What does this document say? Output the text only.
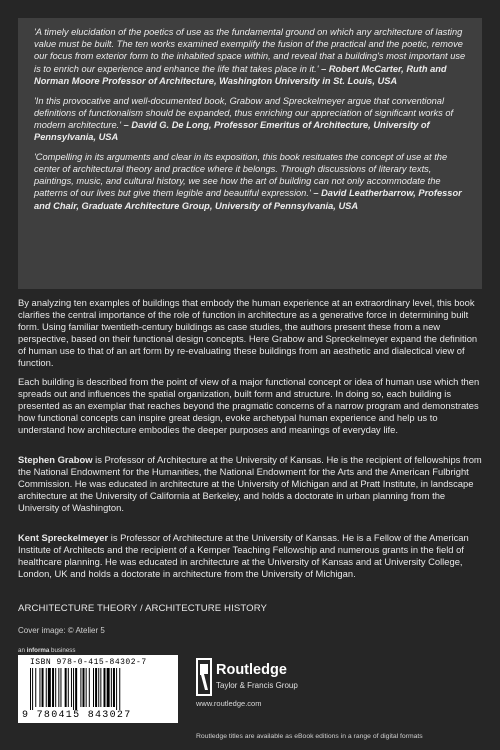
'A timely elucidation of the poetics of use as the fundamental ground on which any architecture of lasting value must be built. The ten works examined exemplify the fusion of the practical and the poetic, remove our focus from exterior form to the inhabited space within, and reveal that a building's most important use is to enrich our experience and enhance the life that takes place in it.' – Robert McCarter, Ruth and Norman Moore Professor of Architecture, Washington University in St. Louis, USA

'In this provocative and well-documented book, Grabow and Spreckelmeyer argue that conventional definitions of functionalism should be expanded, thus enriching our appreciation of significant works of modern architecture.' – David G. De Long, Professor Emeritus of Architecture, University of Pennsylvania, USA

'Compelling in its arguments and clear in its exposition, this book resituates the concept of use at the center of architectural theory and practice where it belongs. Through discussions of literary texts, paintings, music, and cultural history, we see how the art of building can not only accommodate the patterns of our lives but give them legible and beautiful expression.' – David Leatherbarrow, Professor and Chair, Graduate Architecture Group, University of Pennsylvania, USA

By analyzing ten examples of buildings that embody the human experience at an extraordinary level, this book clarifies the central importance of the role of function in architecture as a generative force in determining built form. Using familiar twentieth-century buildings as case studies, the authors present these from a new perspective, based on their functional design concepts. Here Grabow and Spreckelmeyer expand the definition of human use to that of an art form by re-evaluating these buildings from an aesthetic and dialectical view of function.

Each building is described from the point of view of a major functional concept or idea of human use which then spreads out and influences the spatial organization, built form and structure. In doing so, each building is presented as an exemplar that reaches beyond the pragmatic concerns of a narrow program and demonstrates how functional concepts can inspire great design, evoke archetypal human experience and help us to understand how architecture embodies the deeper purposes and meanings of everyday life.

Stephen Grabow is Professor of Architecture at the University of Kansas. He is the recipient of fellowships from the National Endowment for the Humanities, the National Endowment for the Arts and the American Fulbright Commission. He was educated in architecture at the University of Michigan and at Pratt Institute, in landscape architecture at the University of California at Berkeley, and holds a doctorate in urban planning from the University of Washington.

Kent Spreckelmeyer is Professor of Architecture at the University of Kansas. He is a Fellow of the American Institute of Architects and the recipient of a Kemper Teaching Fellowship and numerous grants in the field of healthcare planning. He was educated in architecture at the University of Kansas and at University College, London, UK and holds a doctorate in architecture from the University of Michigan.

ARCHITECTURE THEORY / ARCHITECTURE HISTORY
Cover image: © Atelier 5
an informa business
ISBN 978-0-415-84302-7
9 780415 843027
Routledge
Taylor & Francis Group
www.routledge.com
Routledge titles are available as eBook editions in a range of digital formats
